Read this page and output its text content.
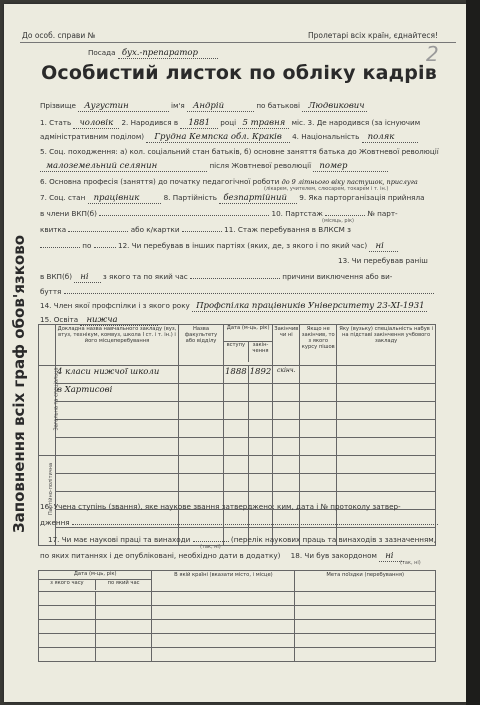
До особ. справи №	Пролетарі всіх країн, єднайтеся!
2
Посада бух.-препаратор
Особистий листок по обліку кадрів
Заповнення всіх граф обов'язково
Прізвище Аугустин	ім'я Андрій	по батькові Людвикович
1. Стать чоловік 2. Народився в 1881 році 5 травня міс. 3. Де народився (за існуючим
адміністративним поділом) Грудна Кемпска обл. Краків 4. Національність поляк
5. Соц. походження: а) кол. соціальний стан батьків, б) основне заняття батька до Жовтневої революції
малоземельний селянин	після Жовтневої революції помер
6. Основна професія (заняття) до початку педагогічної роботи до 9 літнього віку пастушок, прислуга
(лікарем, учителем, слюсарем, токарем і т. ін.)
7. Соц. стан працівник	8. Партійність безпартійний 9. Яка парторганізація прийняла
в члени ВКП(б)	10. Партстаж	№ парт-
(місяць, рік)
квитка	або к/картки	11. Стаж перебування в ВЛКСМ з
по	12. Чи перебував в інших партіях (яких, де, з якого і по який час) ні
13. Чи перебував раніш
в ВКП(б) ні з якого та по який час	причини виключення або ви-
буття
14. Член якої профспілки і з якого року Профспілка працівників Університету 23-XI-1931
15. Освіта нижча
	Докладна назва навчального закладу (вуз, втуз, технікум, комвуз, школа І ст. і т. ін.) і його місцеперебування	Назва факультету або відділу	Дата (м-ць, рік)
вступу закін-чення		Закінчив чи ні	Якщо не закінчив, то з якого курсу пішов	Яку (вузьку) спеціальність набув і на підставі закінчення учбового закладу

Загальна та спеціальна	4 класи нижчої школи		1888	1892	скінч.		
	в Хартисові						

Партійно-політична							

16. Учена ступінь (звання), яке наукове звання затверджено: ким, дата і № протоколу затвер-
дження
17. Чи має наукові праці та винаходи	(перелік наукових праць та винаходів з зазначенням,
(так, ні)
по яких питаннях і де опубліковані, необхідно дати в додатку) 18. Чи був закордоном ні
(так, ні)
Дата (м-ць, рік)
з якого часу по який час		В якій країні (вказати місто, і місце)	Мета поїздки (перебування)
